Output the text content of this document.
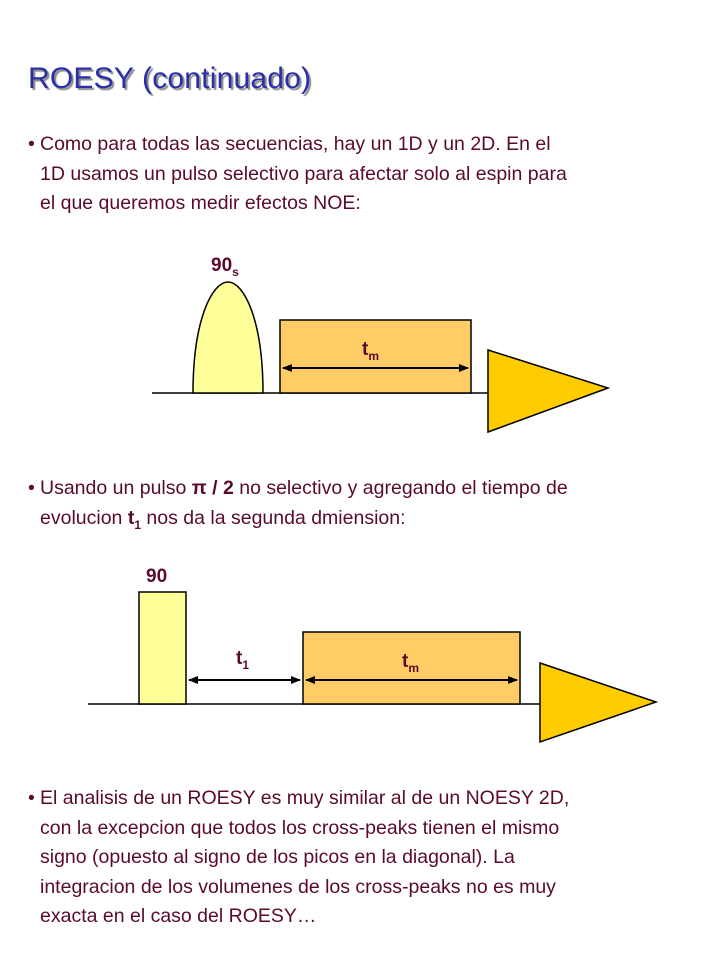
ROESY (continuado)
• Como para todas las secuencias, hay un 1D y un 2D. En el
1D usamos un pulso selectivo para afectar solo al espin para
el que queremos medir efectos NOE:
• Usando un pulso π / 2 no selectivo y agregando el tiempo de
evolucion $t_1$ nos da la segunda dmiension:
• El analisis de un ROESY es muy similar al de un NOESY 2D,
con la excepcion que todos los cross-peaks tienen el mismo
signo (opuesto al signo de los picos en la diagonal). La
integracion de los volumenes de los cross-peaks no es muy
exacta en el caso del ROESY…
$90_s$
$t_m$
90
$t_1$	$t_m$
